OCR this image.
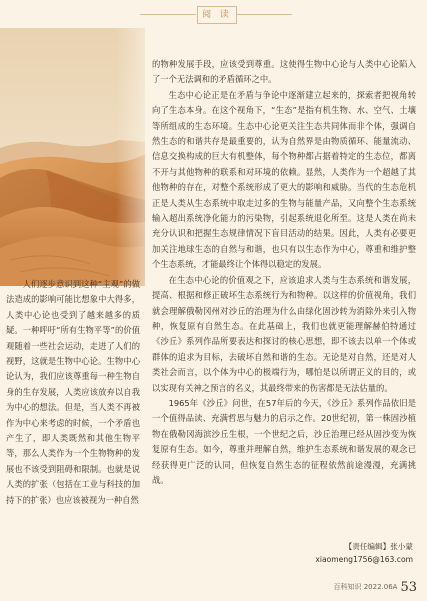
阅 读

人们逐步意识到这种“主观”的做法造成的影响可能比想象中大得多，人类中心论也受到了越来越多的质疑。一种呼吁“所有生物平等”的价值观随着一些社会运动，走进了人们的视野，这就是生物中心论。生物中心论认为，我们应该尊重每一种生物自身的生存发展，人类应该放弃以自我为中心的想法。但是，当人类不再被作为中心来考虑的时候，一个矛盾也产生了，即人类既然和其他生物平等，那么人类作为一个生物物种的发展也不该受到阻碍和限制。也就是说人类的扩张（包括在工业与科技的加持下的扩张）也应该被视为一种自然

的物种发展手段，应该受到尊重。这使得生物中心论与人类中心论陷入了一个无法调和的矛盾循环之中。

生态中心论正是在矛盾与争论中逐渐建立起来的，探索者把视角转向了生态本身。在这个视角下，“生态”是指有机生物、水、空气、土壤等所组成的生态环境。生态中心论更关注生态共同体而非个体，强调自然生态的和谐共存是最重要的，认为自然界是由物质循环、能量流动、信息交换构成的巨大有机整体，每个物种都占据着特定的生态位，都离不开与其他物种的联系和对环境的依赖。显然，人类作为一个超越了其他物种的存在，对整个系统形成了更大的影响和威胁。当代的生态危机正是人类从生态系统中取走过多的生物与能量产品，又向整个生态系统输入超出系统净化能力的污染物，引起系统退化所至。这是人类在尚未充分认识和把握生态规律情况下盲目活动的结果。因此，人类有必要更加关注地球生态的自然与和谐，也只有以生态作为中心，尊重和维护整个生态系统，才能最终让个体得以稳定的发展。

在生态中心论的价值观之下，应该追求人类与生态系统和谐发展，提高、根据和修正破坏生态系统行为和物种。以这样的价值视角，我们就会理解俄勒冈州对沙丘的治理为什么由绿化固沙转为消除外来引入物种，恢复原有自然生态。在此基础上，我们也就更能理解赫伯特通过《沙丘》系列作品所要表达和探讨的核心思想，即不该去以单一个体或群体的追求为目标，去破坏自然和谐的生态。无论是对自然，还是对人类社会而言，以个体为中心的极端行为，哪怕是以所谓正义的目的，或以实现有关神之预言的名义，其最终带来的伤害都是无法估量的。

1965年《沙丘》问世，在57年后的今天，《沙丘》系列作品依旧是一个值得品读、充满哲思与魅力的启示之作。20世纪初，第一株固沙植物在俄勒冈海滨沙丘生根，一个世纪之后，沙丘治理已经从固沙变为恢复原有生态。如今，尊重并理解自然，维护生态系统和谐发展的观念已经获得更广泛的认同，但恢复自然生态的征程依然前途漫漫，充满挑战。

【责任编辑】张小蒙
xiaomeng1756@163.com
百科知识 2022.06A 53
